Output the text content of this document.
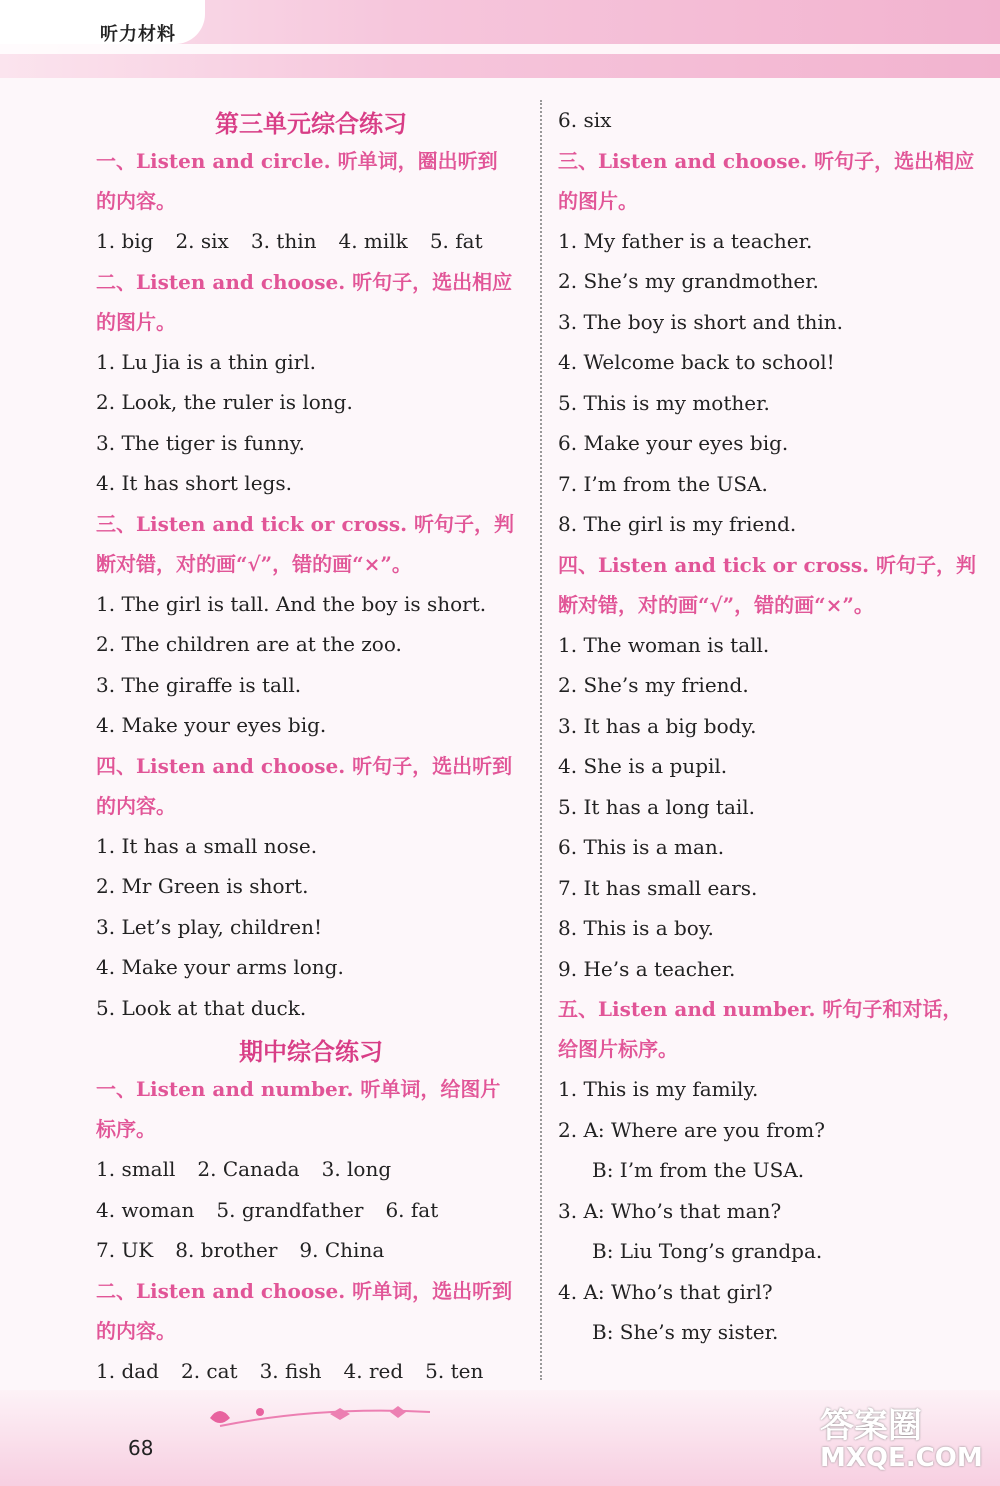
听力材料
第三单元综合练习

一、Listen and circle. 听单词，圈出听到

的内容。

1. big 2. six 3. thin 4. milk 5. fat

二、Listen and choose. 听句子，选出相应

的图片。

1. Lu Jia is a thin girl.

2. Look, the ruler is long.

3. The tiger is funny.

4. It has short legs.

三、Listen and tick or cross. 听句子，判

断对错，对的画“√”，错的画“×”。

1. The girl is tall. And the boy is short.

2. The children are at the zoo.

3. The giraffe is tall.

4. Make your eyes big.

四、Listen and choose. 听句子，选出听到

的内容。

1. It has a small nose.

2. Mr Green is short.

3. Let’s play, children!

4. Make your arms long.

5. Look at that duck.

期中综合练习

一、Listen and number. 听单词，给图片

标序。

1. small 2. Canada 3. long
4. woman 5. grandfather 6. fat
7. UK 8. brother 9. China

二、Listen and choose. 听单词，选出听到

的内容。

1. dad 2. cat 3. fish 4. red 5. ten

6. six

三、Listen and choose. 听句子，选出相应

的图片。

1. My father is a teacher.

2. She’s my grandmother.

3. The boy is short and thin.

4. Welcome back to school!

5. This is my mother.

6. Make your eyes big.

7. I’m from the USA.

8. The girl is my friend.

四、Listen and tick or cross. 听句子，判

断对错，对的画“√”，错的画“×”。

1. The woman is tall.

2. She’s my friend.

3. It has a big body.

4. She is a pupil.

5. It has a long tail.

6. This is a man.

7. It has small ears.

8. This is a boy.

9. He’s a teacher.

五、Listen and number. 听句子和对话，

给图片标序。

1. This is my family.

2. A: Where are you from?

B: I’m from the USA.

3. A: Who’s that man?

B: Liu Tong’s grandpa.

4. A: Who’s that girl?

B: She’s my sister.

68
答案圈
MXQE.COM
